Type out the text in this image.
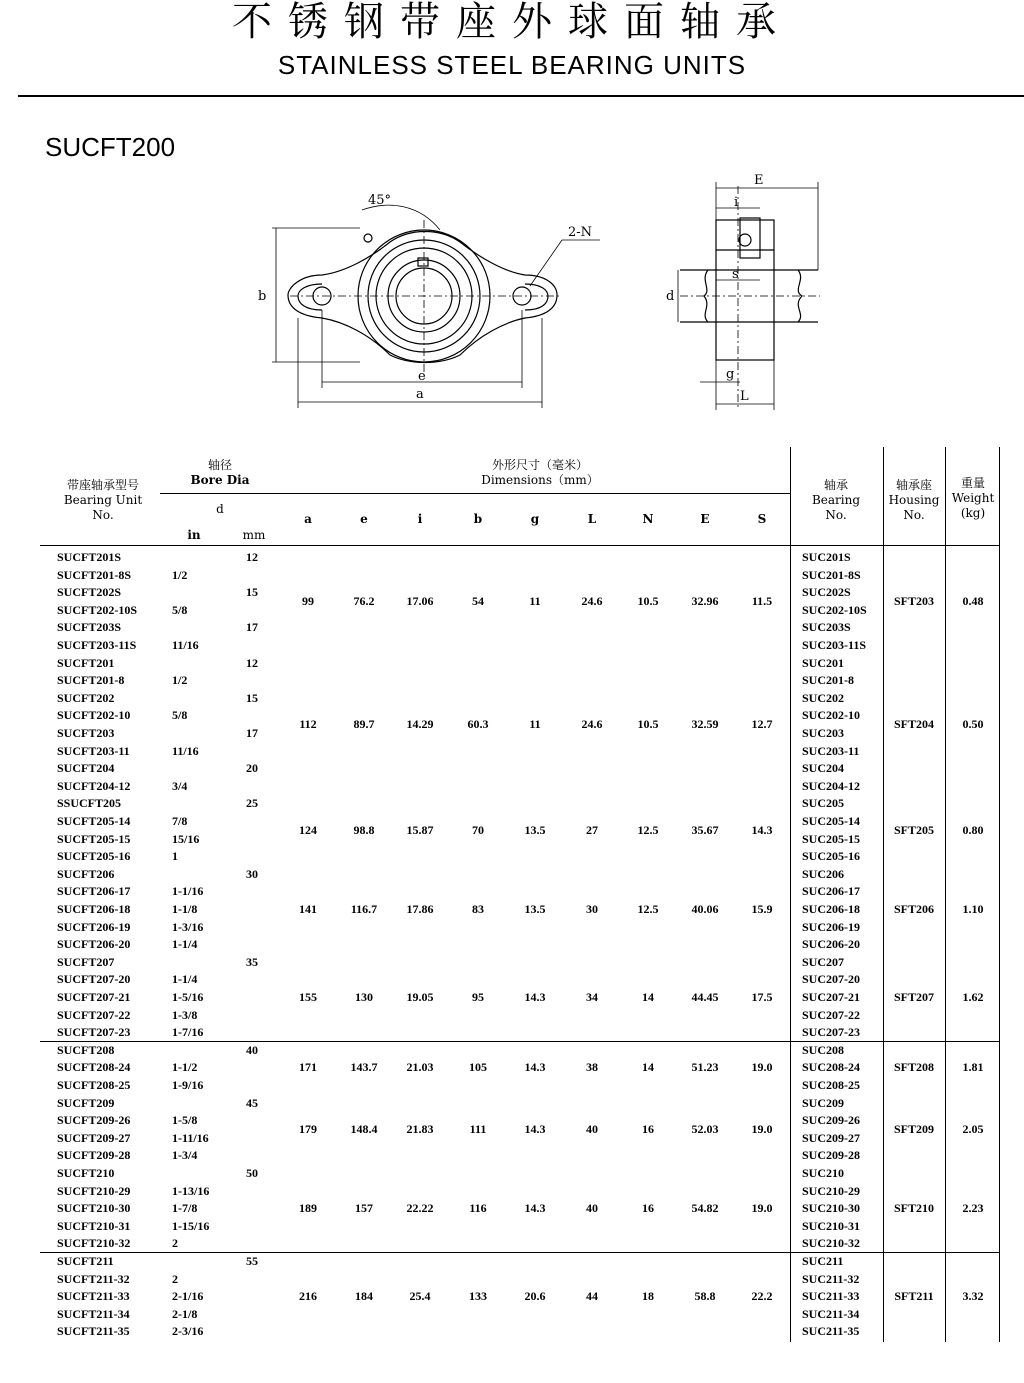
不锈钢带座外球面轴承
STAINLESS STEEL BEARING UNITS
SUCFT200
45°
2-N
b
e
a
E
i
s
d
g
L
带座轴承型号
Bearing Unit
No.
轴径
Bore Dia
d
in	mm
外形尺寸（毫米）
Dimensions（mm）
a	e	i	b	g	L	N	E	S
轴承
Bearing
No.
轴承座
Housing
No.
重量
Weight
(kg)
SUCFT201S	12	SUC201S
SUCFT201-8S	1/2	SUC201-8S
SUCFT202S	15	SUC202S
SUCFT202-10S	5/8	SUC202-10S
SUCFT203S	17	SUC203S
SUCFT203-11S	11/16	SUC203-11S
99	76.2	17.06	54	11	24.6	10.5	32.96	11.5	SFT203	0.48
SUCFT201	12	SUC201
SUCFT201-8	1/2	SUC201-8
SUCFT202	15	SUC202
SUCFT202-10	5/8	SUC202-10
SUCFT203	17	SUC203
SUCFT203-11	11/16	SUC203-11
SUCFT204	20	SUC204
SUCFT204-12	3/4	SUC204-12
112	89.7	14.29	60.3	11	24.6	10.5	32.59	12.7	SFT204	0.50
SSUCFT205	25	SUC205
SUCFT205-14	7/8	SUC205-14
SUCFT205-15	15/16	SUC205-15
SUCFT205-16	1	SUC205-16
124	98.8	15.87	70	13.5	27	12.5	35.67	14.3	SFT205	0.80
SUCFT206	30	SUC206
SUCFT206-17	1-1/16	SUC206-17
SUCFT206-18	1-1/8	SUC206-18
SUCFT206-19	1-3/16	SUC206-19
SUCFT206-20	1-1/4	SUC206-20
141	116.7	17.86	83	13.5	30	12.5	40.06	15.9	SFT206	1.10
SUCFT207	35	SUC207
SUCFT207-20	1-1/4	SUC207-20
SUCFT207-21	1-5/16	SUC207-21
SUCFT207-22	1-3/8	SUC207-22
SUCFT207-23	1-7/16	SUC207-23
155	130	19.05	95	14.3	34	14	44.45	17.5	SFT207	1.62
SUCFT208	40	SUC208
SUCFT208-24	1-1/2	SUC208-24
SUCFT208-25	1-9/16	SUC208-25
171	143.7	21.03	105	14.3	38	14	51.23	19.0	SFT208	1.81
SUCFT209	45	SUC209
SUCFT209-26	1-5/8	SUC209-26
SUCFT209-27	1-11/16	SUC209-27
SUCFT209-28	1-3/4	SUC209-28
179	148.4	21.83	111	14.3	40	16	52.03	19.0	SFT209	2.05
SUCFT210	50	SUC210
SUCFT210-29	1-13/16	SUC210-29
SUCFT210-30	1-7/8	SUC210-30
SUCFT210-31	1-15/16	SUC210-31
SUCFT210-32	2	SUC210-32
189	157	22.22	116	14.3	40	16	54.82	19.0	SFT210	2.23
SUCFT211	55	SUC211
SUCFT211-32	2	SUC211-32
SUCFT211-33	2-1/16	SUC211-33
SUCFT211-34	2-1/8	SUC211-34
SUCFT211-35	2-3/16	SUC211-35
216	184	25.4	133	20.6	44	18	58.8	22.2	SFT211	3.32
